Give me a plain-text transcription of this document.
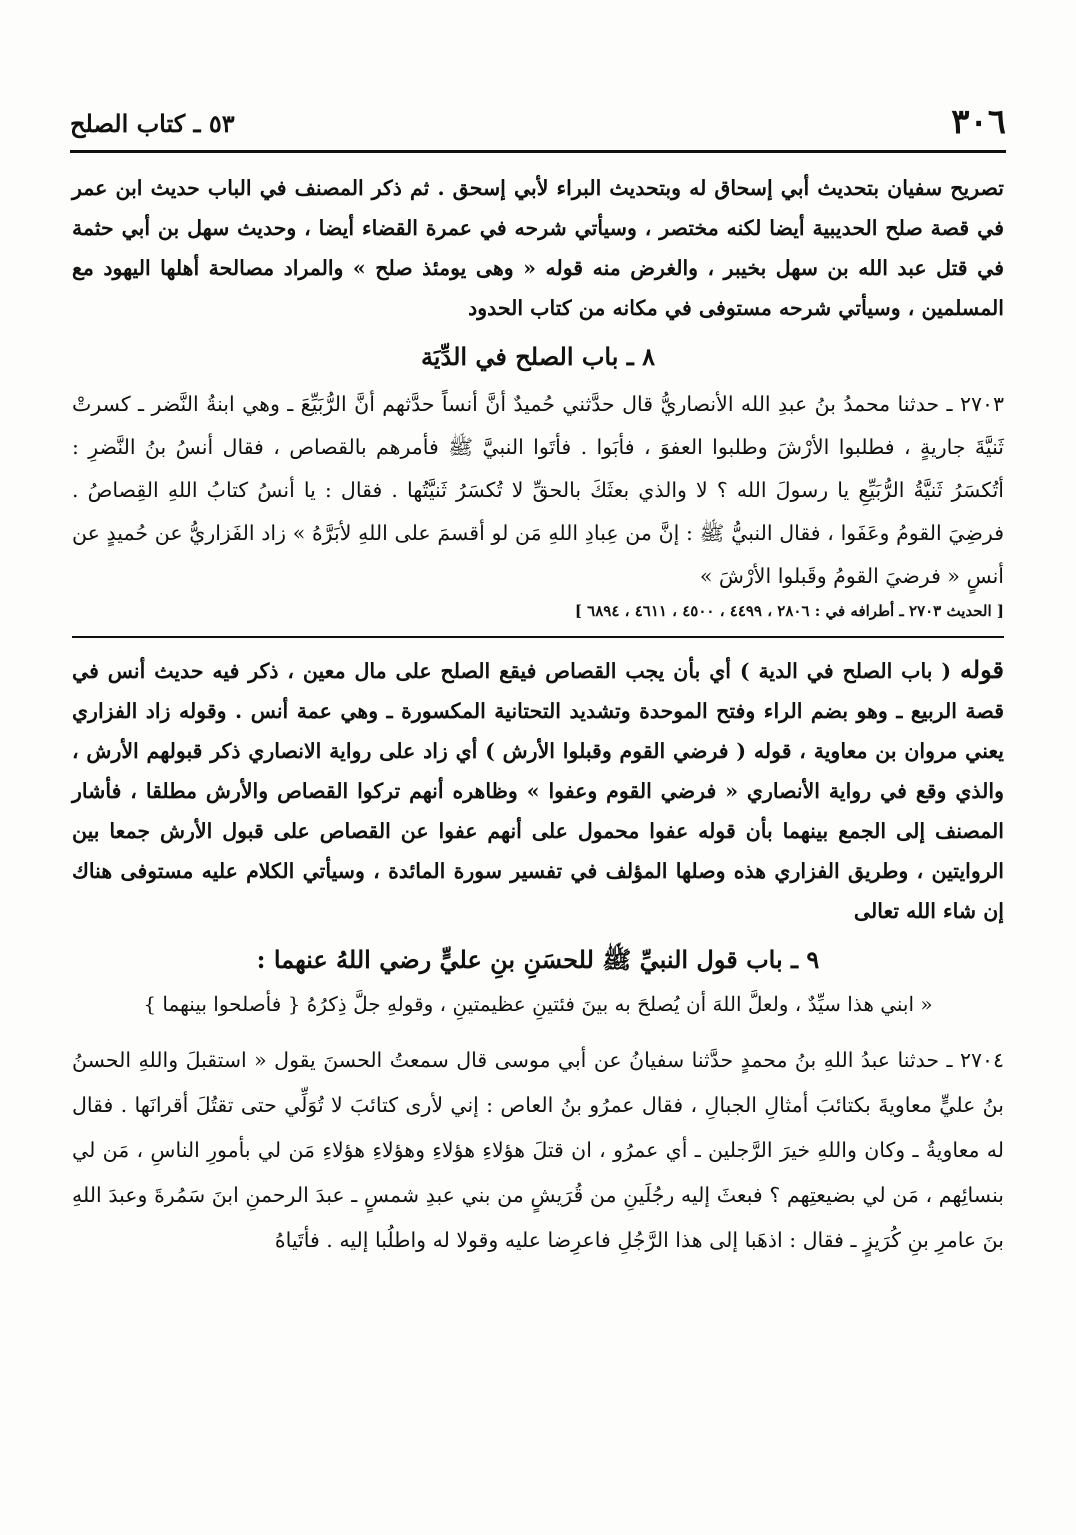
٣٠٦
٥٣ ـ كتاب الصلح

تصريح سفيان بتحديث أبي إسحاق له وبتحديث البراء لأبي إسحق . ثم ذكر المصنف في الباب حديث ابن عمر في قصة صلح الحديبية أيضا لكنه مختصر ، وسيأتي شرحه في عمرة القضاء أيضا ، وحديث سهل بن أبي حثمة في قتل عبد الله بن سهل بخيبر ، والغرض منه قوله « وهى يومئذ صلح » والمراد مصالحة أهلها اليهود مع المسلمين ، وسيأتي شرحه مستوفى في مكانه من كتاب الحدود

٨ ـ باب الصلح في الدِّيَة

٢٧٠٣ ـ حدثنا محمدُ بنُ عبدِ الله الأنصاريُّ قال حدَّثني حُميدٌ أنَّ أنساً حدَّثهم أنَّ الرُّبَيِّعَ ـ وهي ابنةُ النَّضر ـ كسرتْ ثَنيَّةَ جاريةٍ ، فطلبوا الأرْشَ وطلبوا العفوَ ، فأبَوا . فأتَوا النبيَّ ﷺ فأمرهم بالقصاص ، فقال أنسُ بنُ النَّضرِ : أتُكسَرُ ثَنيَّةُ الرُّبَيِّعِ يا رسولَ الله ؟ لا والذي بعثَكَ بالحقِّ لا تُكسَرُ ثَنيَّتُها . فقال : يا أنسُ كتابُ اللهِ القِصاصُ . فرضِيَ القومُ وعَفَوا ، فقال النبيُّ ﷺ : إنَّ من عِبادِ اللهِ مَن لو أقسمَ على اللهِ لأبَرَّهُ » زاد الفَزاريُّ عن حُميدٍ عن أنسٍ « فرضيَ القومُ وقَبلوا الأرْشَ »

[ الحديث ٢٧٠٣ ـ أطرافه في : ٢٨٠٦ ، ٤٤٩٩ ، ٤٥٠٠ ، ٤٦١١ ، ٦٨٩٤ ]

قوله ( باب الصلح في الدية ) أي بأن يجب القصاص فيقع الصلح على مال معين ، ذكر فيه حديث أنس في قصة الربيع ـ وهو بضم الراء وفتح الموحدة وتشديد التحتانية المكسورة ـ وهي عمة أنس . وقوله زاد الفزاري يعني مروان بن معاوية ، قوله ( فرضي القوم وقبلوا الأرش ) أي زاد على رواية الانصاري ذكر قبولهم الأرش ، والذي وقع في رواية الأنصاري « فرضي القوم وعفوا » وظاهره أنهم تركوا القصاص والأرش مطلقا ، فأشار المصنف إلى الجمع بينهما بأن قوله عفوا محمول على أنهم عفوا عن القصاص على قبول الأرش جمعا بين الروايتين ، وطريق الفزاري هذه وصلها المؤلف في تفسير سورة المائدة ، وسيأتي الكلام عليه مستوفى هناك إن شاء الله تعالى

٩ ـ باب قول النبيِّ ﷺ للحسَنِ بنِ عليٍّ رضي اللهُ عنهما :
« ابني هذا سيِّدٌ ، ولعلَّ اللهَ أن يُصلحَ به بينَ فئتينِ عظيمتينِ ، وقولهِ جلَّ ذِكرُهُ { فأصلحوا بينهما }

٢٧٠٤ ـ حدثنا عبدُ اللهِ بنُ محمدٍ حدَّثنا سفيانُ عن أبي موسى قال سمعتُ الحسنَ يقول « استقبلَ واللهِ الحسنُ بنُ عليٍّ معاويةَ بكتائبَ أمثالِ الجبالِ ، فقال عمرُو بنُ العاص : إني لأرى كتائبَ لا تُوَلِّي حتى تقتُلَ أقرانَها . فقال له معاويةُ ـ وكان واللهِ خيرَ الرَّجلين ـ أي عمرُو ، ان قتلَ هؤلاءِ هؤلاءِ وهؤلاءِ هؤلاءِ مَن لي بأمورِ الناسِ ، مَن لي بنسائِهم ، مَن لي بضيعتِهم ؟ فبعثَ إليه رجُلَينِ من قُرَيشٍ من بني عبدِ شمسٍ ـ عبدَ الرحمنِ ابنَ سَمُرةَ وعبدَ اللهِ بنَ عامرِ بنِ كُرَيزٍ ـ فقال : اذهَبا إلى هذا الرَّجُلِ فاعرِضا عليه وقولا له واطلُبا إليه . فأتَياهُ
